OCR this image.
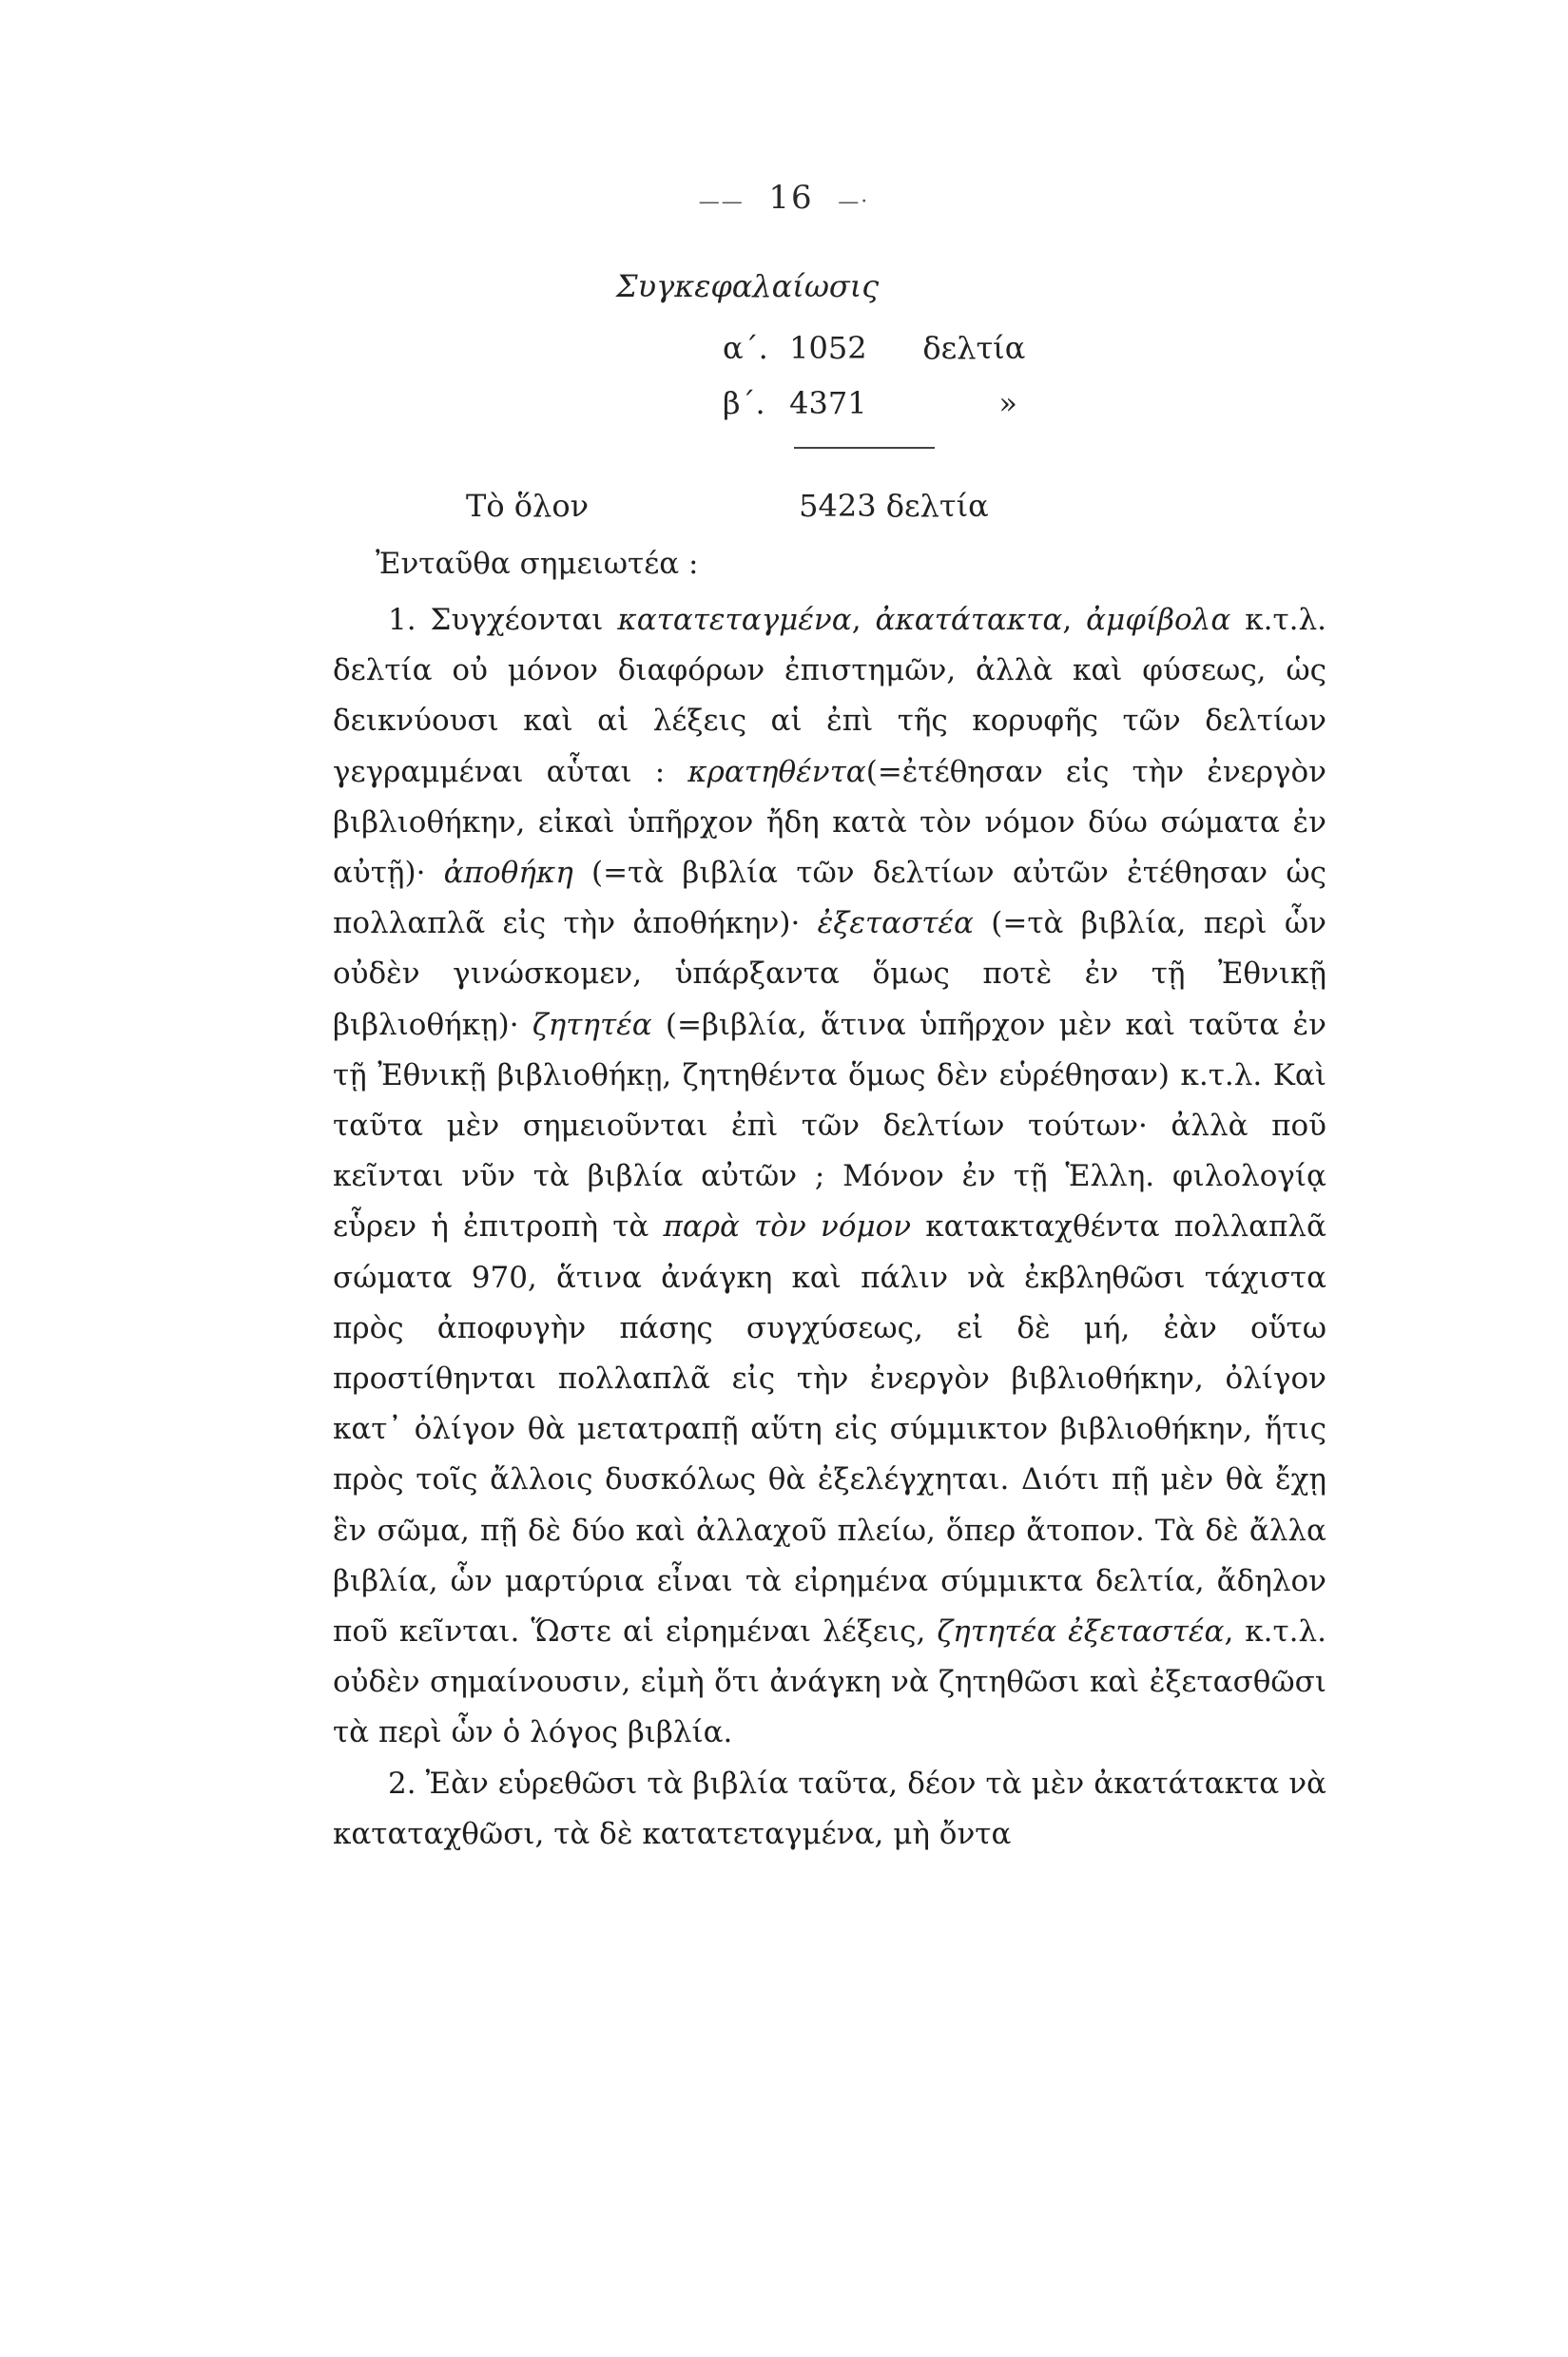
—— 16 —·
Συγκεφαλαίωσις
α΄. 1052 δελτία
β΄. 4371	»
Τὸ ὅλον	5423 δελτία
Ἐνταῦθα σημειωτέα :

1. Συγχέονται κατατεταγμένα, ἀκατάτακτα, ἀμφίβολα κ.τ.λ. δελτία οὐ μόνον διαφόρων ἐπιστημῶν, ἀλλὰ καὶ φύσεως, ὡς δεικνύουσι καὶ αἱ λέξεις αἱ ἐπὶ τῆς κορυφῆς τῶν δελτίων γεγραμμέναι αὗται : κρατηθέντα(=ἐτέθησαν εἰς τὴν ἐνεργὸν βιβλιοθήκην, εἰκαὶ ὑπῆρχον ἤδη κατὰ τὸν νόμον δύω σώματα ἐν αὐτῇ)· ἀποθήκη (=τὰ βιβλία τῶν δελτίων αὐτῶν ἐτέθησαν ὡς πολλαπλᾶ εἰς τὴν ἀποθήκην)· ἐξεταστέα (=τὰ βιβλία, περὶ ὧν οὐδὲν γινώσκομεν, ὑπάρξαντα ὅμως ποτὲ ἐν τῇ Ἐθνικῇ βιβλιοθήκῃ)· ζητητέα (=βιβλία, ἅτινα ὑπῆρχον μὲν καὶ ταῦτα ἐν τῇ Ἐθνικῇ βιβλιοθήκῃ, ζητηθέντα ὅμως δὲν εὑρέθησαν) κ.τ.λ. Καὶ ταῦτα μὲν σημειοῦνται ἐπὶ τῶν δελτίων τούτων· ἀλλὰ ποῦ κεῖνται νῦν τὰ βιβλία αὐτῶν ; Μόνον ἐν τῇ Ἑλλη. φιλολογίᾳ εὗρεν ἡ ἐπιτροπὴ τὰ παρὰ τὸν νόμον κατακταχθέντα πολλαπλᾶ σώματα 970, ἅτινα ἀνάγκη καὶ πάλιν νὰ ἐκβληθῶσι τάχιστα πρὸς ἀποφυγὴν πάσης συγχύσεως, εἰ δὲ μή, ἐὰν οὕτω προστίθηνται πολλαπλᾶ εἰς τὴν ἐνεργὸν βιβλιοθήκην, ὀλίγον κατ᾽ ὀλίγον θὰ μετατραπῇ αὕτη εἰς σύμμικτον βιβλιοθήκην, ἥτις πρὸς τοῖς ἄλλοις δυσκόλως θὰ ἐξελέγχηται. Διότι πῇ μὲν θὰ ἔχῃ ἓν σῶμα, πῇ δὲ δύο καὶ ἀλλαχοῦ πλείω, ὅπερ ἄτοπον. Τὰ δὲ ἄλλα βιβλία, ὧν μαρτύρια εἶναι τὰ εἰρημένα σύμμικτα δελτία, ἄδηλον ποῦ κεῖνται. Ὥστε αἱ εἰρημέναι λέξεις, ζητητέα ἐξεταστέα, κ.τ.λ. οὐδὲν σημαίνουσιν, εἰμὴ ὅτι ἀνάγκη νὰ ζητηθῶσι καὶ ἐξετασθῶσι τὰ περὶ ὧν ὁ λόγος βιβλία.

2. Ἐὰν εὑρεθῶσι τὰ βιβλία ταῦτα, δέον τὰ μὲν ἀκατάτακτα νὰ καταταχθῶσι, τὰ δὲ κατατεταγμένα, μὴ ὄντα
